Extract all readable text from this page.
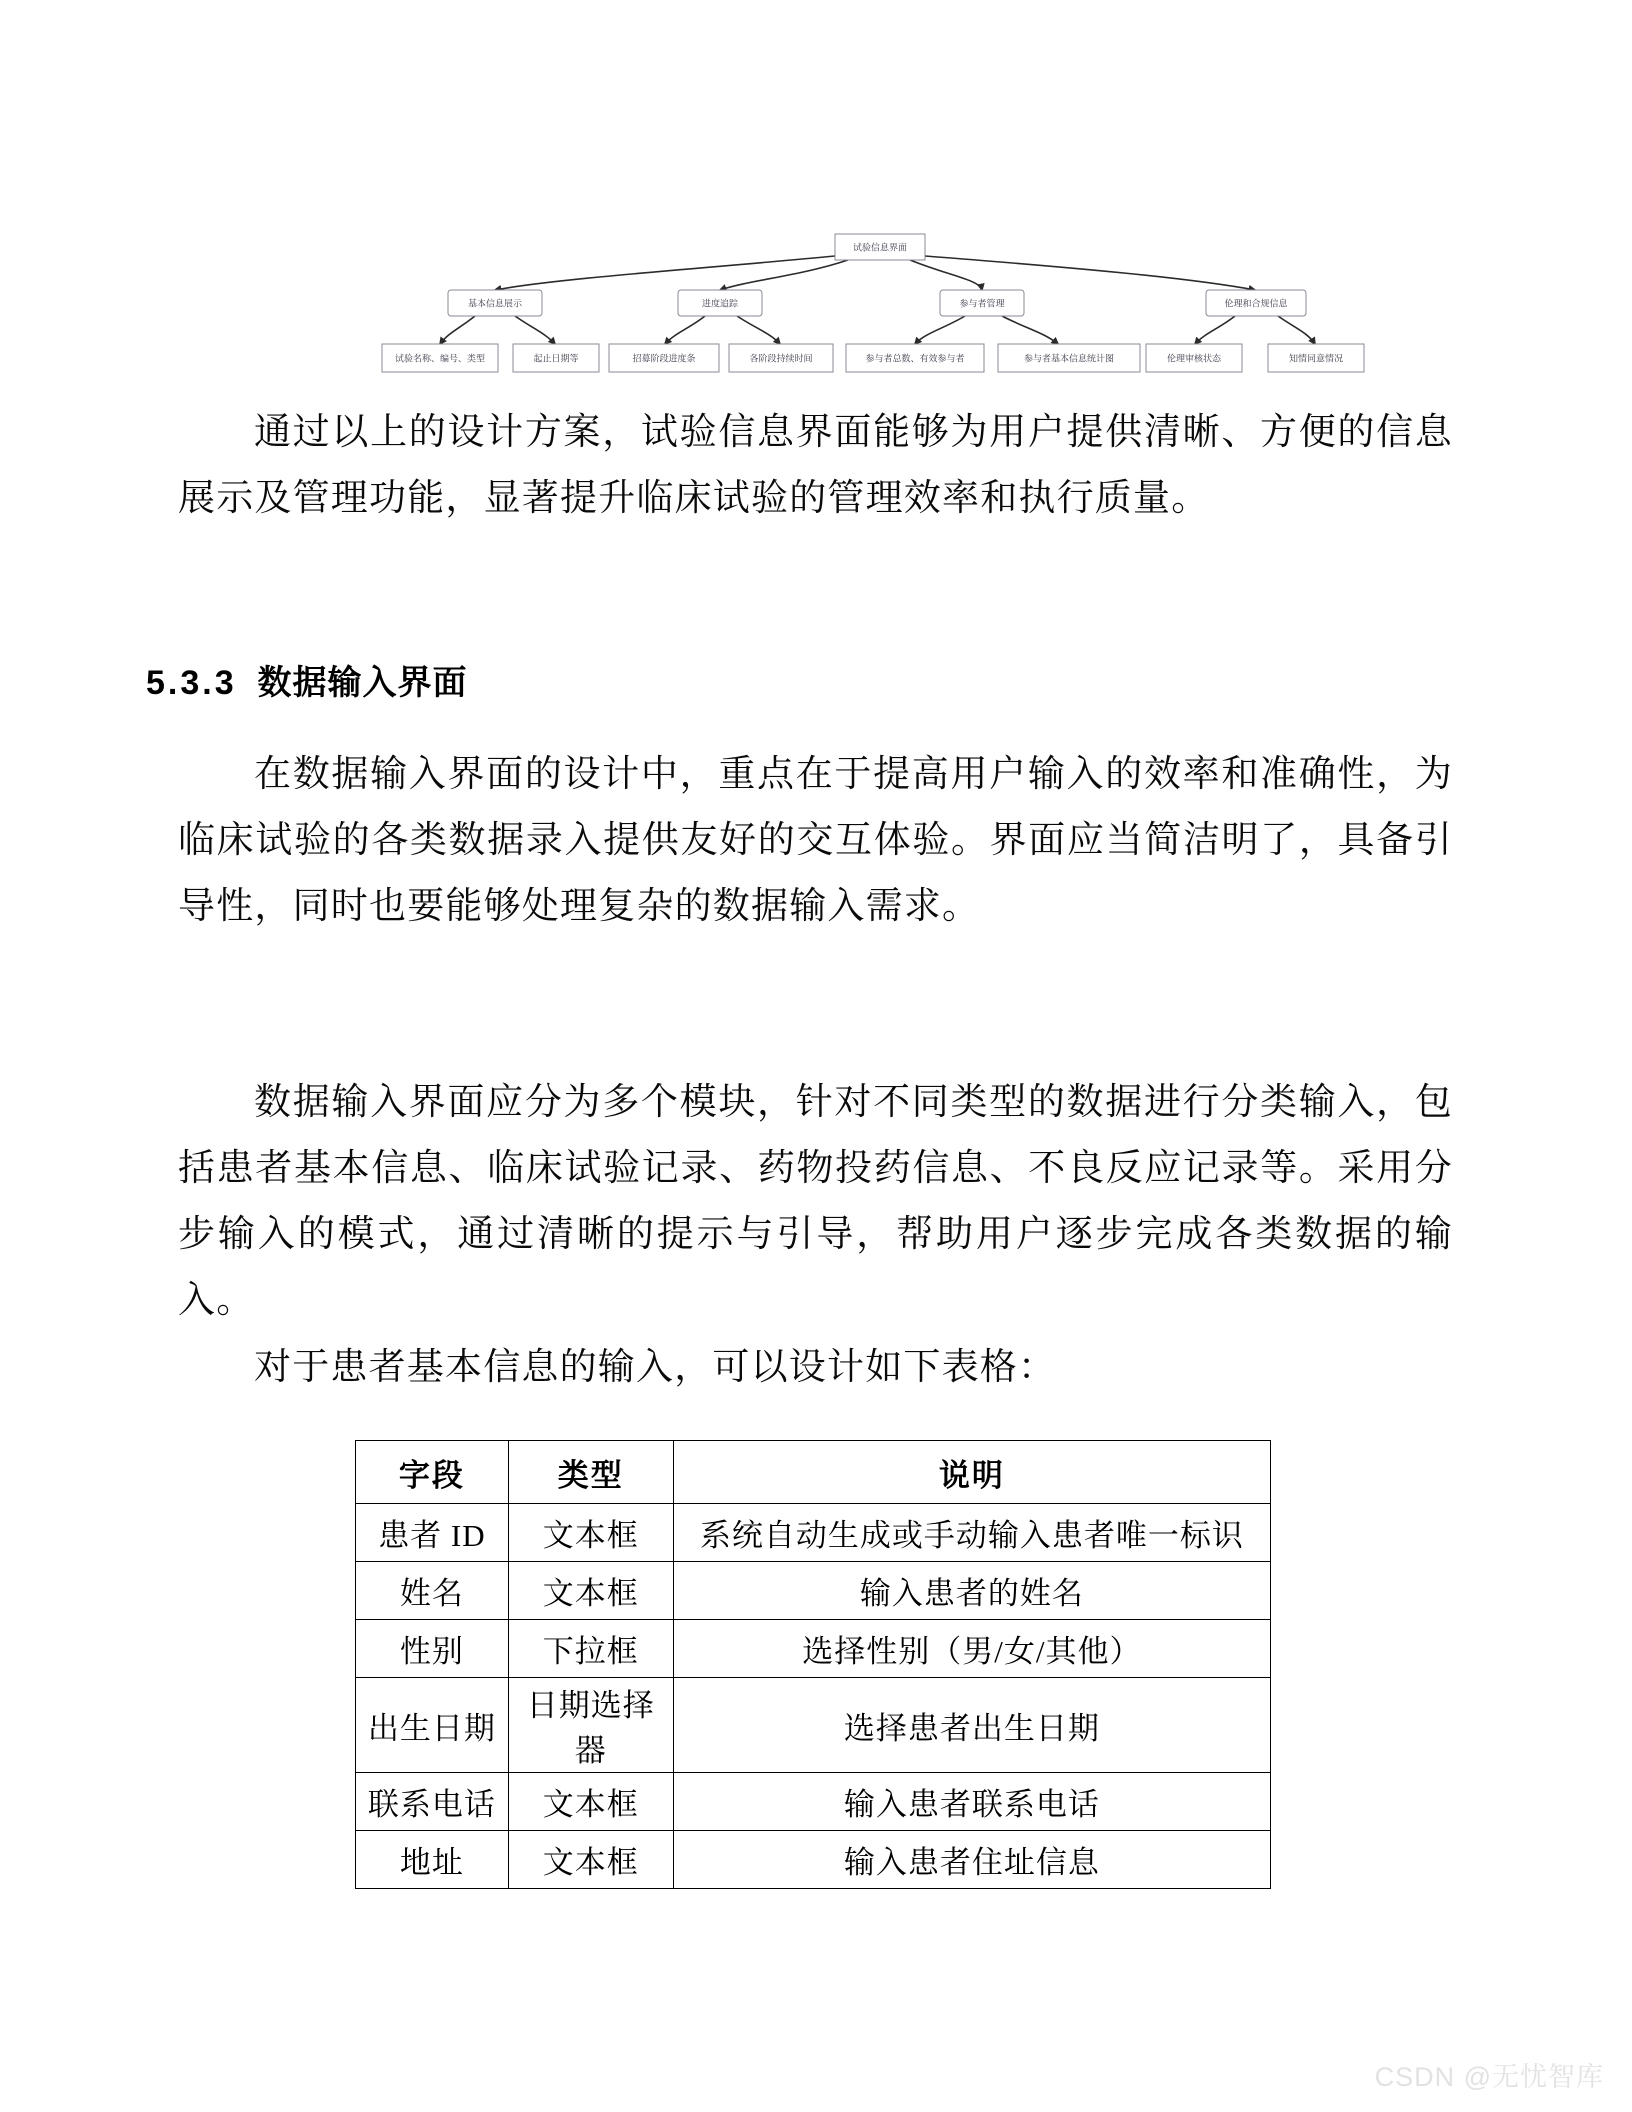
试验信息界面
基本信息展示	进度追踪	参与者管理	伦理和合规信息
试验名称、编号、类型	起止日期等	招募阶段进度条	各阶段持续时间	参与者总数、有效参与者	参与者基本信息统计图	伦理审核状态	知情同意情况
通过以上的设计方案，试验信息界面能够为用户提供清晰、方便的信息展示及管理功能，显著提升临床试验的管理效率和执行质量。
5.3.3 数据输入界面
在数据输入界面的设计中，重点在于提高用户输入的效率和准确性，为临床试验的各类数据录入提供友好的交互体验。界面应当简洁明了，具备引导性，同时也要能够处理复杂的数据输入需求。
数据输入界面应分为多个模块，针对不同类型的数据进行分类输入，包括患者基本信息、临床试验记录、药物投药信息、不良反应记录等。采用分步输入的模式，通过清晰的提示与引导，帮助用户逐步完成各类数据的输入。
对于患者基本信息的输入，可以设计如下表格：
字段	类型	说明
患者 ID	文本框	系统自动生成或手动输入患者唯一标识
姓名	文本框	输入患者的姓名
性别	下拉框	选择性别（男/女/其他）
出生日期	日期选择器	选择患者出生日期
联系电话	文本框	输入患者联系电话
地址	文本框	输入患者住址信息
CSDN @无忧智库
